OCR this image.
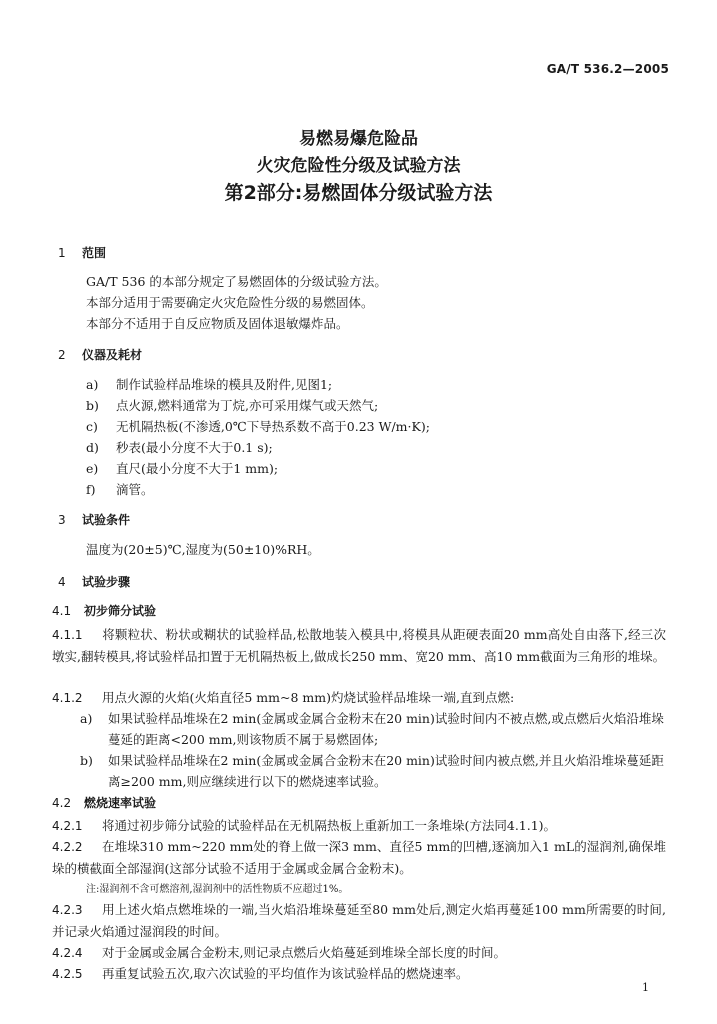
GA/T 536.2—2005
易燃易爆危险品
火灾危险性分级及试验方法
第2部分:易燃固体分级试验方法
1 范围
GA/T 536 的本部分规定了易燃固体的分级试验方法。
本部分适用于需要确定火灾危险性分级的易燃固体。
本部分不适用于自反应物质及固体退敏爆炸品。
2 仪器及耗材
a) 制作试验样品堆垛的模具及附件,见图1;
b) 点火源,燃料通常为丁烷,亦可采用煤气或天然气;
c) 无机隔热板(不渗透,0℃下导热系数不高于0.23 W/m·K);
d) 秒表(最小分度不大于0.1 s);
e) 直尺(最小分度不大于1 mm);
f) 滴管。
3 试验条件
温度为(20±5)℃,湿度为(50±10)%RH。
4 试验步骤
4.1 初步筛分试验
4.1.1 将颗粒状、粉状或糊状的试验样品,松散地装入模具中,将模具从距硬表面20 mm高处自由落下,经三次墩实,翻转模具,将试验样品扣置于无机隔热板上,做成长250 mm、宽20 mm、高10 mm截面为三角形的堆垛。
4.1.2 用点火源的火焰(火焰直径5 mm~8 mm)灼烧试验样品堆垛一端,直到点燃:
a)	如果试验样品堆垛在2 min(金属或金属合金粉末在20 min)试验时间内不被点燃,或点燃后火焰沿堆垛蔓延的距离<200 mm,则该物质不属于易燃固体;
b)	如果试验样品堆垛在2 min(金属或金属合金粉末在20 min)试验时间内被点燃,并且火焰沿堆垛蔓延距离≥200 mm,则应继续进行以下的燃烧速率试验。
4.2 燃烧速率试验
4.2.1 将通过初步筛分试验的试验样品在无机隔热板上重新加工一条堆垛(方法同4.1.1)。
4.2.2 在堆垛310 mm~220 mm处的脊上做一深3 mm、直径5 mm的凹槽,逐滴加入1 mL的湿润剂,确保堆垛的横截面全部湿润(这部分试验不适用于金属或金属合金粉末)。
注:湿润剂不含可燃溶剂,湿润剂中的活性物质不应超过1%。
4.2.3 用上述火焰点燃堆垛的一端,当火焰沿堆垛蔓延至80 mm处后,测定火焰再蔓延100 mm所需要的时间,并记录火焰通过湿润段的时间。
4.2.4 对于金属或金属合金粉末,则记录点燃后火焰蔓延到堆垛全部长度的时间。
4.2.5 再重复试验五次,取六次试验的平均值作为该试验样品的燃烧速率。
1
